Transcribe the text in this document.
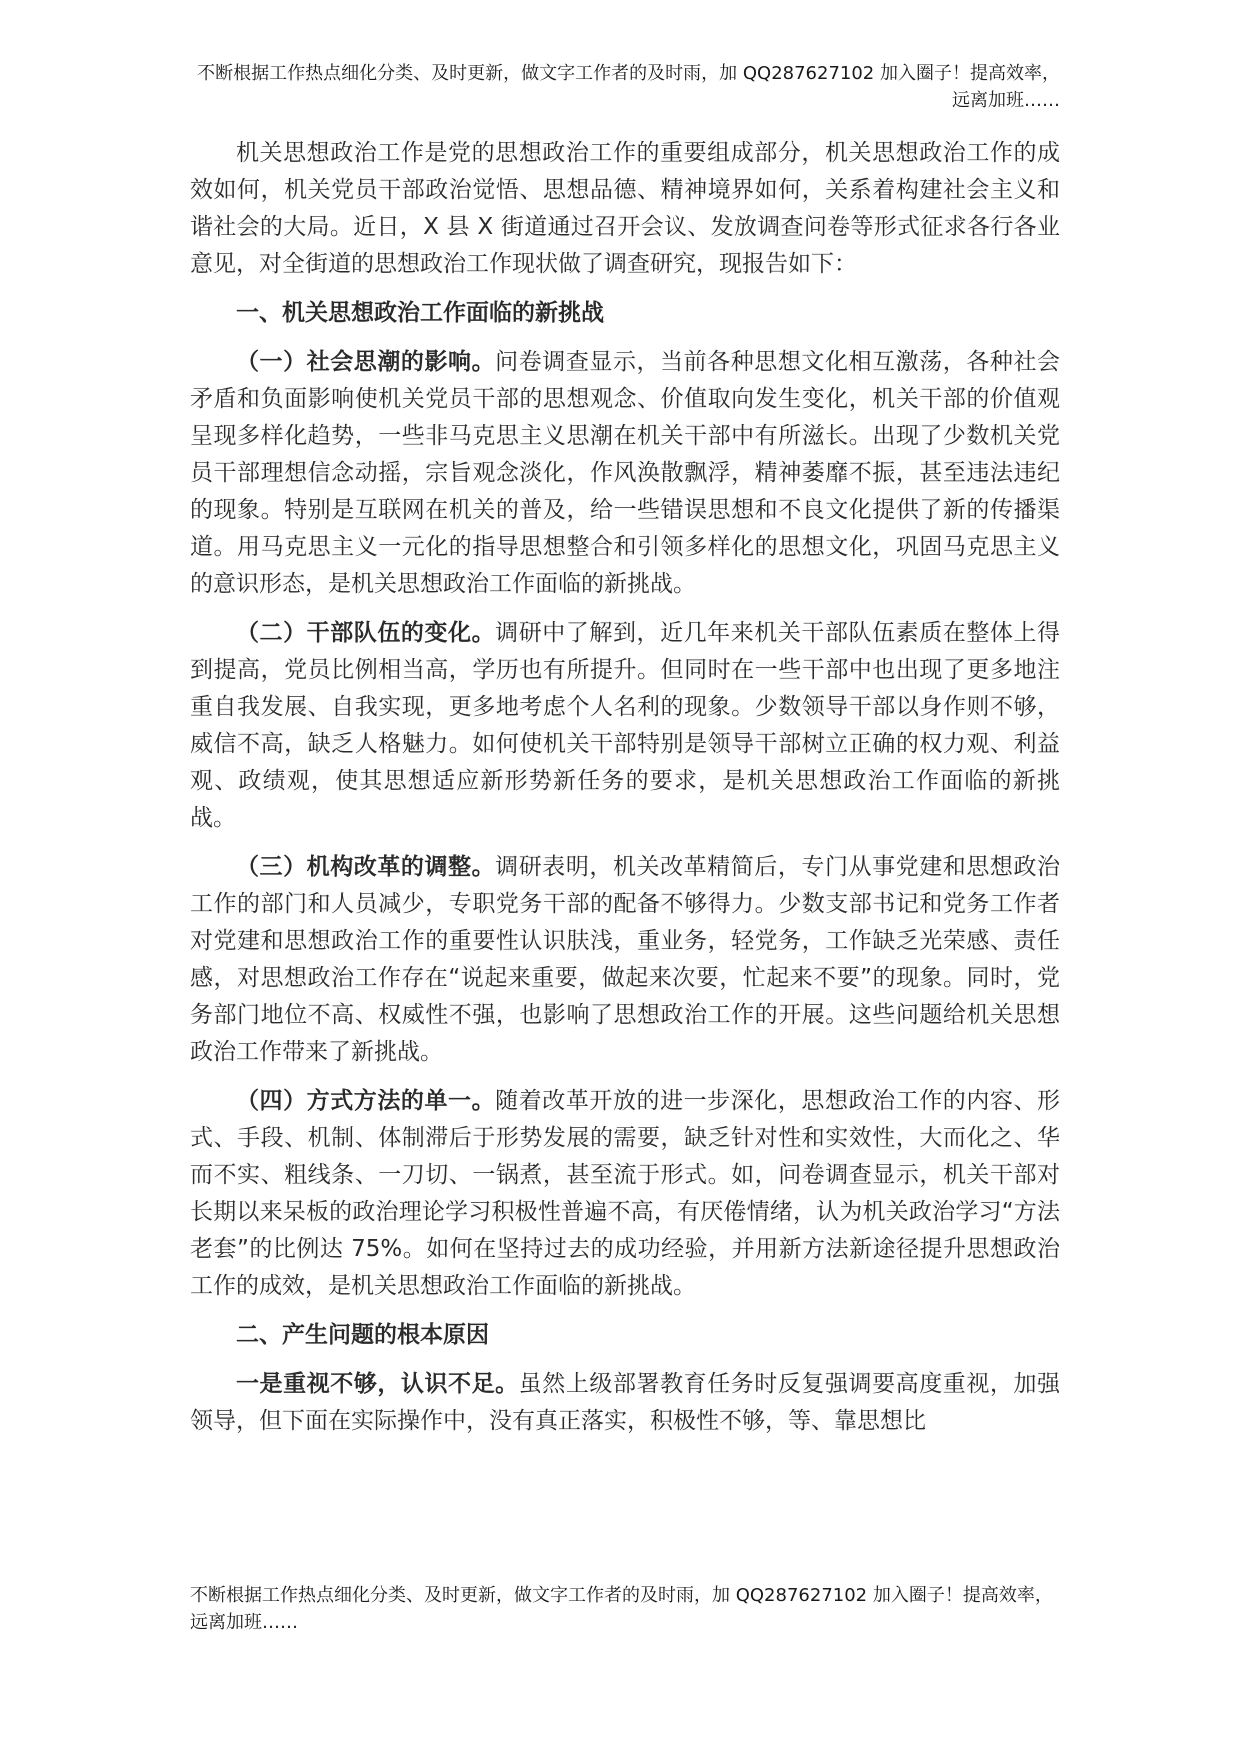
不断根据工作热点细化分类、及时更新，做文字工作者的及时雨，加 QQ287627102 加入圈子！提高效率，远离加班……

机关思想政治工作是党的思想政治工作的重要组成部分，机关思想政治工作的成效如何，机关党员干部政治觉悟、思想品德、精神境界如何，关系着构建社会主义和谐社会的大局。近日，X 县 X 街道通过召开会议、发放调查问卷等形式征求各行各业意见，对全街道的思想政治工作现状做了调查研究，现报告如下：

一、机关思想政治工作面临的新挑战

（一）社会思潮的影响。问卷调查显示，当前各种思想文化相互激荡，各种社会矛盾和负面影响使机关党员干部的思想观念、价值取向发生变化，机关干部的价值观呈现多样化趋势，一些非马克思主义思潮在机关干部中有所滋长。出现了少数机关党员干部理想信念动摇，宗旨观念淡化，作风涣散飘浮，精神萎靡不振，甚至违法违纪的现象。特别是互联网在机关的普及，给一些错误思想和不良文化提供了新的传播渠道。用马克思主义一元化的指导思想整合和引领多样化的思想文化，巩固马克思主义的意识形态，是机关思想政治工作面临的新挑战。

（二）干部队伍的变化。调研中了解到，近几年来机关干部队伍素质在整体上得到提高，党员比例相当高，学历也有所提升。但同时在一些干部中也出现了更多地注重自我发展、自我实现，更多地考虑个人名利的现象。少数领导干部以身作则不够，威信不高，缺乏人格魅力。如何使机关干部特别是领导干部树立正确的权力观、利益观、政绩观，使其思想适应新形势新任务的要求，是机关思想政治工作面临的新挑战。

（三）机构改革的调整。调研表明，机关改革精简后，专门从事党建和思想政治工作的部门和人员减少，专职党务干部的配备不够得力。少数支部书记和党务工作者对党建和思想政治工作的重要性认识肤浅，重业务，轻党务，工作缺乏光荣感、责任感，对思想政治工作存在“说起来重要，做起来次要，忙起来不要”的现象。同时，党务部门地位不高、权威性不强，也影响了思想政治工作的开展。这些问题给机关思想政治工作带来了新挑战。

（四）方式方法的单一。随着改革开放的进一步深化，思想政治工作的内容、形式、手段、机制、体制滞后于形势发展的需要，缺乏针对性和实效性，大而化之、华而不实、粗线条、一刀切、一锅煮，甚至流于形式。如，问卷调查显示，机关干部对长期以来呆板的政治理论学习积极性普遍不高，有厌倦情绪，认为机关政治学习“方法老套”的比例达 75%。如何在坚持过去的成功经验，并用新方法新途径提升思想政治工作的成效，是机关思想政治工作面临的新挑战。

二、产生问题的根本原因

一是重视不够，认识不足。虽然上级部署教育任务时反复强调要高度重视，加强领导，但下面在实际操作中，没有真正落实，积极性不够，等、靠思想比

不断根据工作热点细化分类、及时更新，做文字工作者的及时雨，加 QQ287627102 加入圈子！提高效率，远离加班……
